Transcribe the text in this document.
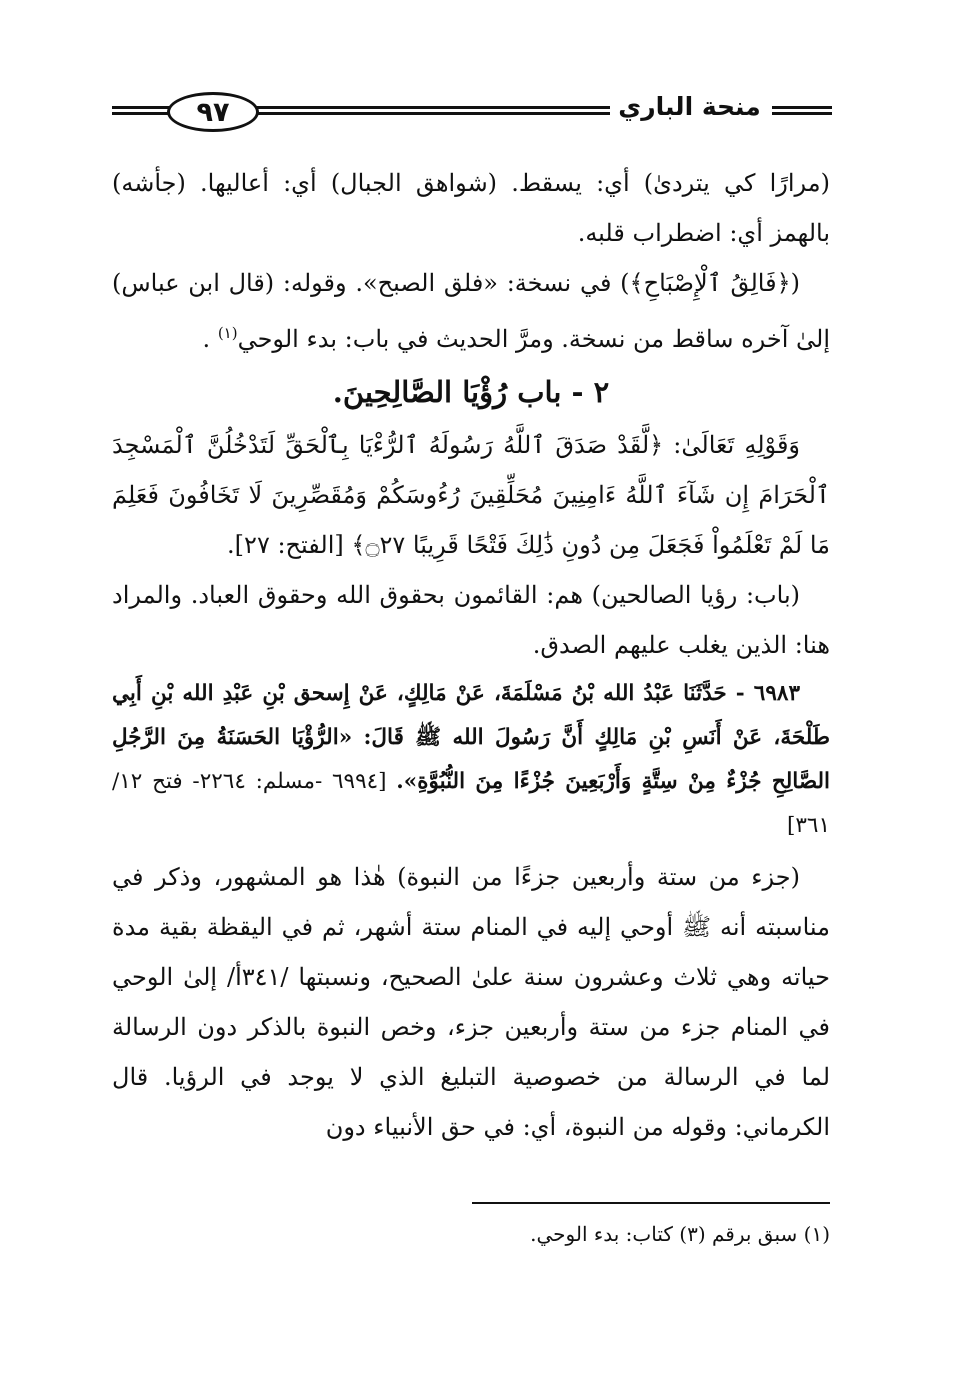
٩٧	منحة الباري

(مرارًا كي يتردىٰ) أي: يسقط. (شواهق الجبال) أي: أعاليها. (جأشه) بالهمز أي: اضطراب قلبه.

(﴿فَالِقُ ٱلْإِصْبَاحِ﴾) في نسخة: «فلق الصبح». وقوله: (قال ابن عباس) إلىٰ آخره ساقط من نسخة. ومرَّ الحديث في باب: بدء الوحي$^{(١)}$ .

٢ - باب رُؤْيَا الصَّالِحِينَ.

وَقَوْلِهِ تَعَالَىٰ: ﴿لَّقَدْ صَدَقَ ٱللَّهُ رَسُولَهُ ٱلرُّءْيَا بِٱلْحَقِّ لَتَدْخُلُنَّ ٱلْمَسْجِدَ ٱلْحَرَامَ إِن شَآءَ ٱللَّهُ ءَامِنِينَ مُحَلِّقِينَ رُءُوسَكُمْ وَمُقَصِّرِينَ لَا تَخَافُونَ فَعَلِمَ مَا لَمْ تَعْلَمُواْ فَجَعَلَ مِن دُونِ ذَٰلِكَ فَتْحًا قَرِيبًا ۝٢٧﴾ [الفتح: ٢٧].

(باب: رؤيا الصالحين) هم: القائمون بحقوق الله وحقوق العباد. والمراد هنا: الذين يغلب عليهم الصدق.

٦٩٨٣ - حَدَّثَنَا عَبْدُ الله بْنُ مَسْلَمَةَ، عَنْ مَالِكٍ، عَنْ إِسحق بْنِ عَبْدِ الله بْنِ أَبِي طَلْحَةَ، عَنْ أَنَسِ بْنِ مَالِكٍ أَنَّ رَسُولَ الله ﷺ قَالَ: «الرُّؤْيَا الحَسَنَةُ مِنَ الرَّجُلِ الصَّالِحِ جُزْءٌ مِنْ سِتَّةٍ وَأَرْبَعِينَ جُزْءًا مِنَ النُّبُوَّةِ». [٦٩٩٤ -مسلم: ٢٢٦٤- فتح ١٢/ ٣٦١]

(جزء من ستة وأربعين جزءًا من النبوة) هٰذا هو المشهور، وذكر في مناسبته أنه ﷺ أوحي إليه في المنام ستة أشهر، ثم في اليقظة بقية مدة حياته وهي ثلاث وعشرون سنة علىٰ الصحيح، ونسبتها /٣٤١أ/ إلىٰ الوحي في المنام جزء من ستة وأربعين جزء، وخص النبوة بالذكر دون الرسالة لما في الرسالة من خصوصية التبليغ الذي لا يوجد في الرؤيا. قال الكرماني: وقوله من النبوة، أي: في حق الأنبياء دون

(١) سبق برقم (٣) كتاب: بدء الوحي.
